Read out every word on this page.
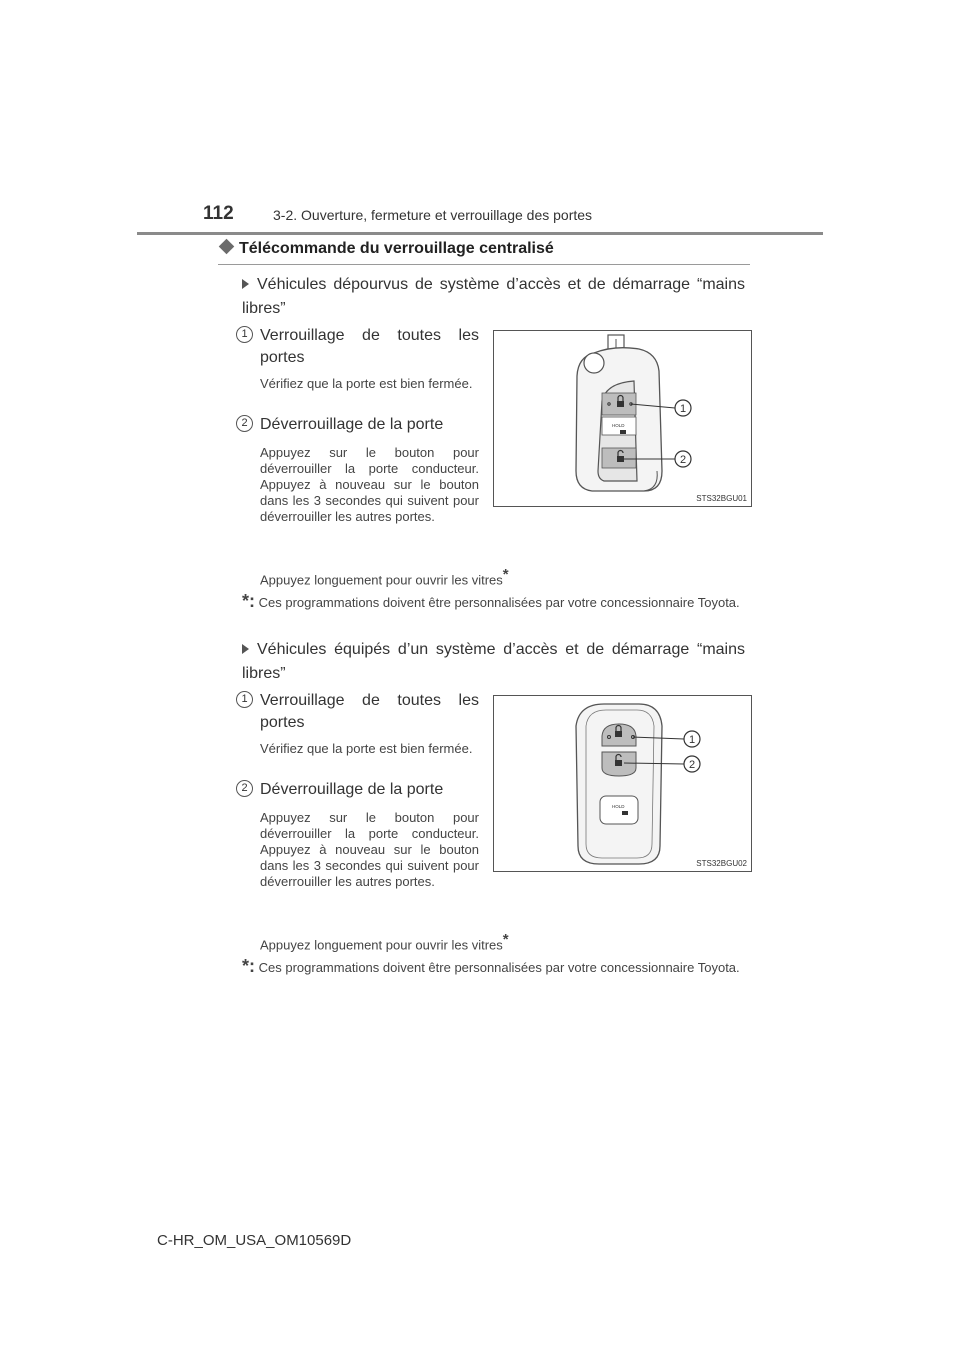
112	3-2. Ouverture, fermeture et verrouillage des portes
Télécommande du verrouillage centralisé
Véhicules dépourvus de système d’accès et de démarrage “mains libres”
1 Verrouillage de toutes les portes
Vérifiez que la porte est bien fermée.
2 Déverrouillage de la porte
Appuyez sur le bouton pour déverrouiller la porte conducteur. Appuyez à nouveau sur le bouton dans les 3 secondes qui suivent pour déverrouiller les autres portes.
Appuyez longuement pour ouvrir les vitres*
*: Ces programmations doivent être personnalisées par votre concessionnaire Toyota.
HOLD
1
2
STS32BGU01
Véhicules équipés d’un système d’accès et de démarrage “mains libres”
1 Verrouillage de toutes les portes
Vérifiez que la porte est bien fermée.
2 Déverrouillage de la porte
Appuyez sur le bouton pour déverrouiller la porte conducteur. Appuyez à nouveau sur le bouton dans les 3 secondes qui suivent pour déverrouiller les autres portes.
Appuyez longuement pour ouvrir les vitres*
*: Ces programmations doivent être personnalisées par votre concessionnaire Toyota.
HOLD
1
2
STS32BGU02
C-HR_OM_USA_OM10569D
